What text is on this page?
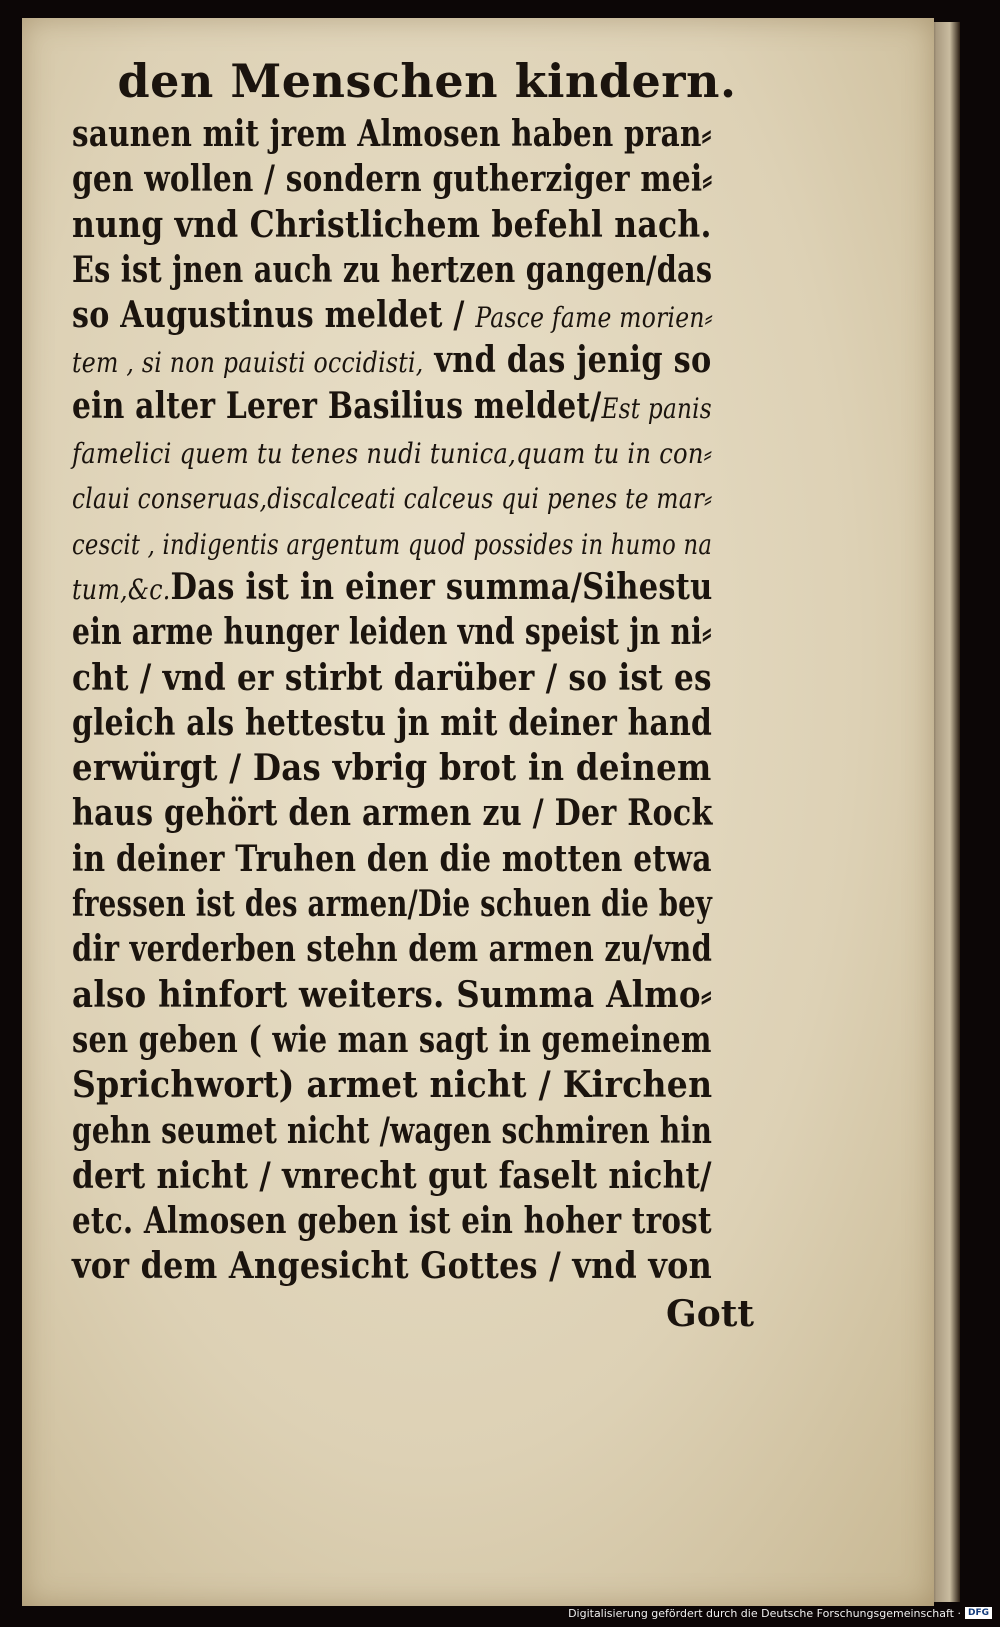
den Menschen kindern.
saunen mit jrem Almosen haben pran⸗
gen wollen / sondern gutherziger mei⸗
nung vnd Christlichem befehl nach.
Es ist jnen auch zu hertzen gangen/das
so Augustinus meldet / Pasce fame morien⸗
tem , si non pauisti occidisti, vnd das jenig so
ein alter Lerer Basilius meldet/Est panis
famelici quem tu tenes nudi tunica,quam tu in con⸗
claui conseruas,discalceati calceus qui penes te mar⸗
cescit , indigentis argentum quod possides in humo na
tum,&c.Das ist in einer summa/Sihestu
ein arme hunger leiden vnd speist jn ni⸗
cht / vnd er stirbt darüber / so ist es
gleich als hettestu jn mit deiner hand
erwürgt / Das vbrig brot in deinem
haus gehört den armen zu / Der Rock
in deiner Truhen den die motten etwa
fressen ist des armen/Die schuen die bey
dir verderben stehn dem armen zu/vnd
also hinfort weiters. Summa Almo⸗
sen geben ( wie man sagt in gemeinem
Sprichwort) armet nicht / Kirchen
gehn seumet nicht /wagen schmiren hin
dert nicht / vnrecht gut faselt nicht/
etc. Almosen geben ist ein hoher trost
vor dem Angesicht Gottes / vnd von
Gott
Digitalisierung gefördert durch die Deutsche Forschungsgemeinschaft · DFG
